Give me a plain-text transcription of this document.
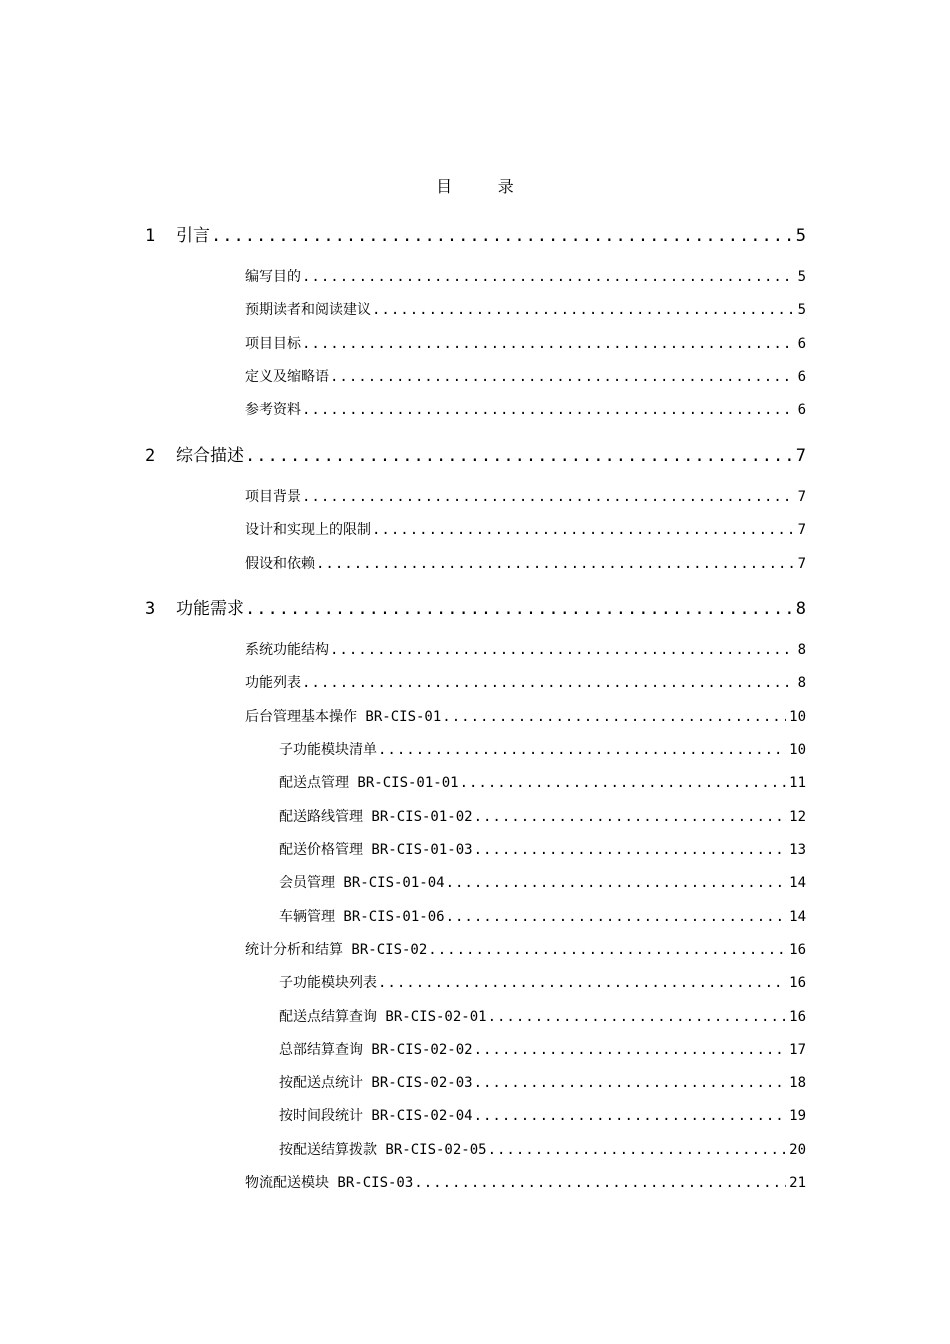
目 录
1	引言 .....	5
编写目的 .....	5
预期读者和阅读建议 .....	5
项目目标 .....	6
定义及缩略语 .....	6
参考资料 .....	6
2	综合描述 .....	7
项目背景 .....	7
设计和实现上的限制 .....	7
假设和依赖 .....	7
3	功能需求 .....	8
系统功能结构 .....	8
功能列表 .....	8
后台管理基本操作 BR-CIS-01 .....	10
子功能模块清单 .....	10
配送点管理 BR-CIS-01-01 .....	11
配送路线管理 BR-CIS-01-02 .....	12
配送价格管理 BR-CIS-01-03 .....	13
会员管理 BR-CIS-01-04 .....	14
车辆管理 BR-CIS-01-06 .....	14
统计分析和结算 BR-CIS-02 .....	16
子功能模块列表 .....	16
配送点结算查询 BR-CIS-02-01 .....	16
总部结算查询 BR-CIS-02-02 .....	17
按配送点统计 BR-CIS-02-03 .....	18
按时间段统计 BR-CIS-02-04 .....	19
按配送结算拨款 BR-CIS-02-05 .....	20
物流配送模块 BR-CIS-03 .....	21
